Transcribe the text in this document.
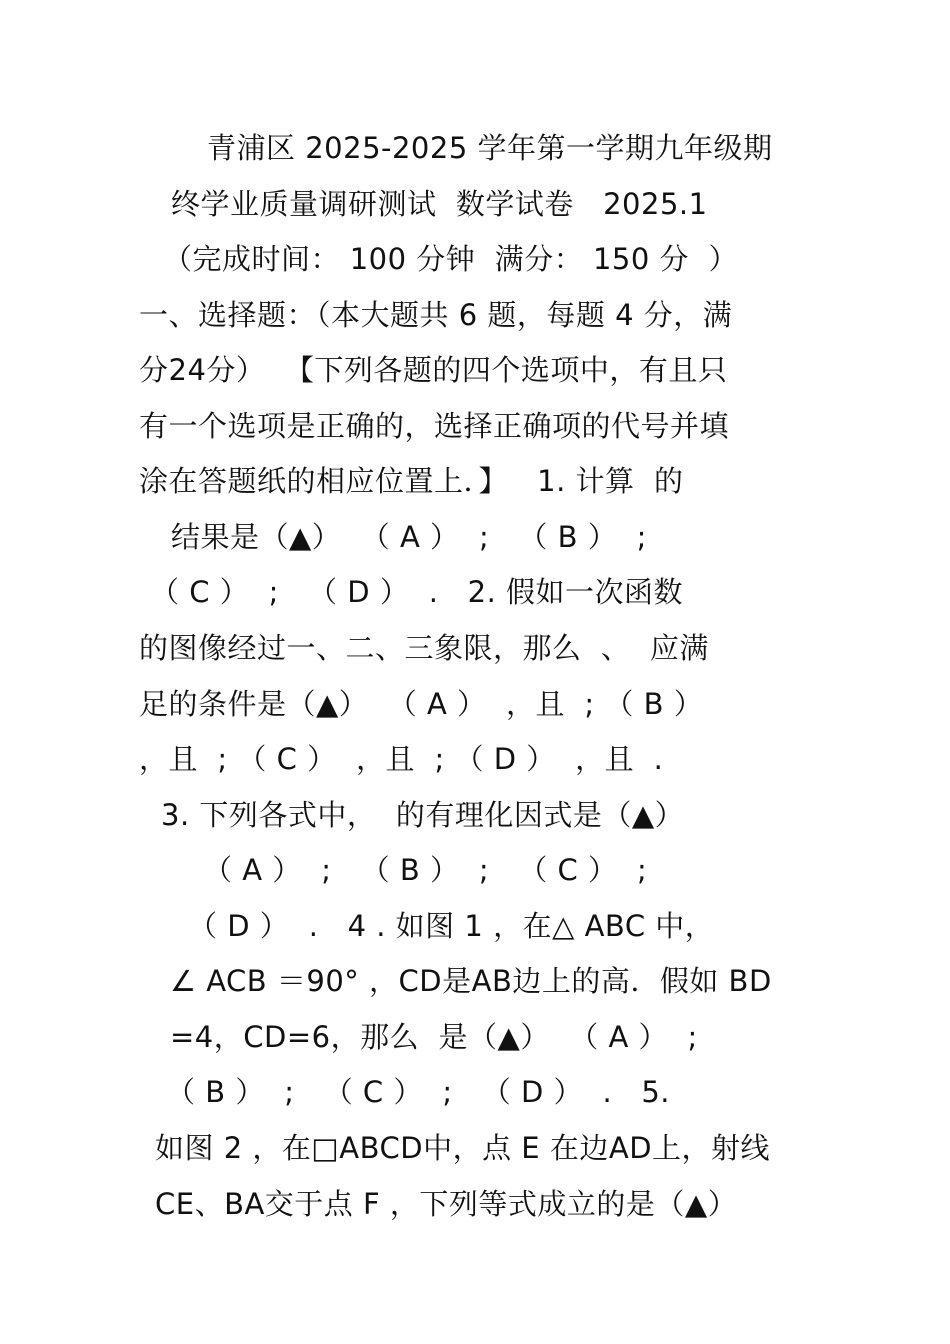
青浦区 2025-2025 学年第一学期九年级期
终学业质量调研测试  数学试卷   2025.1
（完成时间： 100 分钟  满分： 150 分  ）
一、选择题：（本大题共 6 题，每题 4 分，满
分24分）  【下列各题的四个选项中，有且只
有一个选项是正确的，选择正确项的代号并填
涂在答题纸的相应位置上．】   1. 计算  的
结果是（▲）  （ A ）  ;   （ B ）  ;
（ C ）  ;   （ D ）  .   2. 假如一次函数
的图像经过一、二、三象限，那么  、  应满
足的条件是（▲）  （ A ）  ，且  ; （ B ）
，且  ; （ C ）  ，且  ; （ D ）  ，且  .
3. 下列各式中，  的有理化因式是（▲）
（ A ）  ;   （ B ）  ;   （ C ）  ;
（ D ）  .   4 . 如图 1 ，在△ ABC 中，
∠ ACB ＝90° ，CD是AB边上的高．假如 BD
=4，CD=6，那么  是（▲）  （ A ）  ;
（ B ）  ;   （ C ）  ;   （ D ）  .   5.
如图 2 ，在□ABCD中，点 E 在边AD上，射线
CE、BA交于点 F ，下列等式成立的是（▲）
